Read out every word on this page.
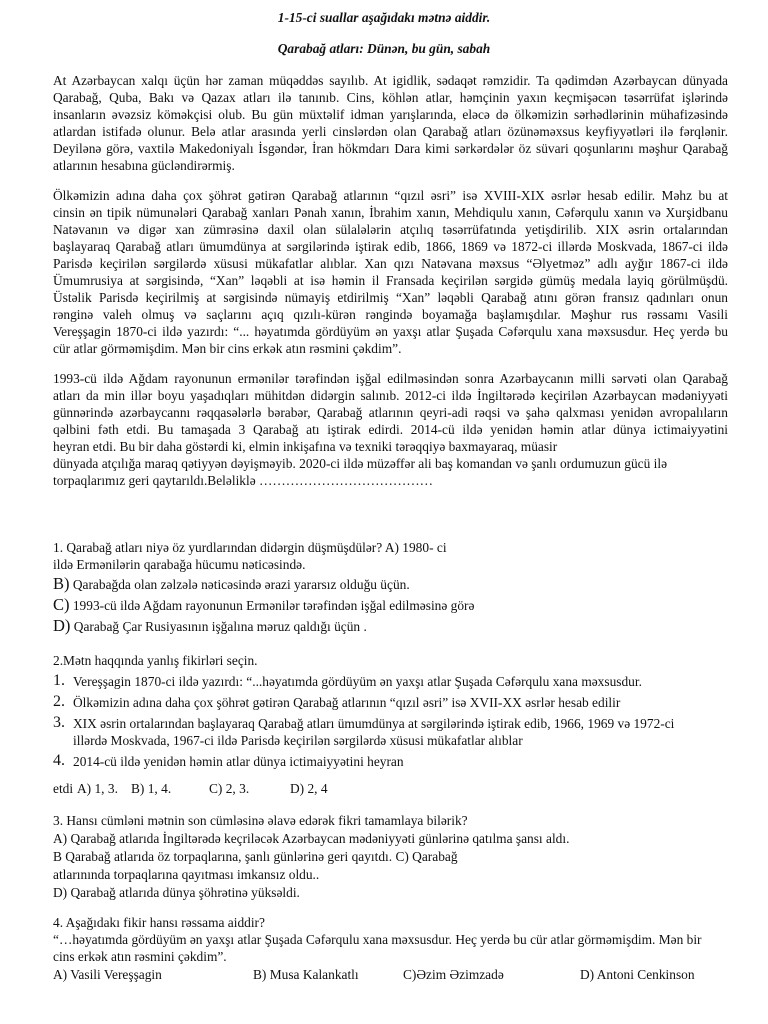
1-15-ci suallar aşağıdakı mətnə aiddir.
Qarabağ atları: Dünən, bu gün, sabah
At Azərbaycan xalqı üçün hər zaman müqəddəs sayılıb. At igidlik, sədaqət rəmzidir. Ta qədimdən Azərbaycan dünyada
Qarabağ, Quba, Bakı və Qazax atları ilə tanınıb. Cins, köhlən atlar, həmçinin yaxın keçmişəcən təsərrüfat işlərində
insanların əvəzsiz köməkçisi olub. Bu gün müxtəlif idman yarışlarında, eləcə də ölkəmizin sərhədlərinin mühafizəsində
atlardan istifadə olunur. Belə atlar arasında yerli cinslərdən olan Qarabağ atları özünəməxsus keyfiyyətləri ilə fərqlənir.
Deyilənə görə, vaxtilə Makedoniyalı İsgəndər, İran hökmdarı Dara kimi sərkərdələr öz süvari qoşunlarını məşhur Qarabağ
atlarının hesabına gücləndirərmiş.
Ölkəmizin adına daha çox şöhrət gətirən Qarabağ atlarının “qızıl əsri” isə XVIII-XIX əsrlər hesab edilir. Məhz bu at
cinsin ən tipik nümunələri Qarabağ xanları Pənah xanın, İbrahim xanın, Mehdiqulu xanın, Cəfərqulu xanın və Xurşidbanu
Natəvanın və digər xan zümrəsinə daxil olan sülalələrin atçılıq təsərrüfatında yetişdirilib. XIX əsrin ortalarından
başlayaraq Qarabağ atları ümumdünya at sərgilərində iştirak edib, 1866, 1869 və 1872-ci illərdə Moskvada, 1867-ci ildə
Parisdə keçirilən sərgilərdə xüsusi mükafatlar alıblar. Xan qızı Natəvana məxsus “Əlyetməz” adlı ayğır 1867-ci ildə
Ümumrusiya at sərgisində, “Xan” ləqəbli at isə həmin il Fransada keçirilən sərgidə gümüş medala layiq görülmüşdü.
Üstəlik Parisdə keçirilmiş at sərgisində nümayiş etdirilmiş “Xan” ləqəbli Qarabağ atını görən fransız qadınları onun
rənginə valeh olmuş və saçlarını açıq qızılı-kürən rəngində boyamağa başlamışdılar. Məşhur rus rəssamı Vasili
Vereşşagin 1870-ci ildə yazırdı: “... həyatımda gördüyüm ən yaxşı atlar Şuşada Cəfərqulu xana məxsusdur. Heç yerdə bu
cür atlar görməmişdim. Mən bir cins erkək atın rəsmini çəkdim”.
1993-cü ildə Ağdam rayonunun ermənilər tərəfindən işğal edilməsindən sonra Azərbaycanın milli sərvəti olan Qarabağ
atları da min illər boyu yaşadıqları mühitdən didərgin salınıb. 2012-ci ildə İngiltərədə keçirilən Azərbaycan mədəniyyəti
günnərində azərbaycannı rəqqasələrlə bərabər, Qarabağ atlarının qeyri-adi rəqsi və şahə qalxması yenidən avropalıların
qəlbini fəth etdi. Bu tamaşada 3 Qarabağ atı iştirak edirdi. 2014-cü ildə yenidən həmin atlar dünya ictimaiyyətini
heyran etdi. Bu bir daha göstərdi ki, elmin inkişafına və texniki tərəqqiyə baxmayaraq, müasir
dünyada atçılığa maraq qətiyyən dəyişməyib. 2020-ci ildə müzəffər ali baş komandan və şanlı ordumuzun gücü ilə
torpaqlarımız geri qaytarıldı.Beləliklə …………………………………
1. Qarabağ atları niyə öz yurdlarından didərgin düşmüşdülər? A) 1980- ci
ildə Ermənilərin qarabağa hücumu nəticəsində.
B) Qarabağda olan zəlzələ nəticəsində ərazi yararsız olduğu üçün.
C) 1993-cü ildə Ağdam rayonunun Ermənilər tərəfindən işğal edilməsinə görə
D) Qarabağ Çar Rusiyasının işğalına məruz qaldığı üçün .
2.Mətn haqqında yanlış fikirləri seçin.
1. Vereşşagin 1870-ci ildə yazırdı: “...həyatımda gördüyüm ən yaxşı atlar Şuşada Cəfərqulu xana məxsusdur.
2. Ölkəmizin adına daha çox şöhrət gətirən Qarabağ atlarının “qızıl əsri” isə XVII-XX əsrlər hesab edilir
3. XIX əsrin ortalarından başlayaraq Qarabağ atları ümumdünya at sərgilərində iştirak edib, 1966, 1969 və 1972-ci
illərdə Moskvada, 1967-ci ildə Parisdə keçirilən sərgilərdə xüsusi mükafatlar alıblar
4. 2014-cü ildə yenidən həmin atlar dünya ictimaiyyətini heyran
etdi A) 1, 3. B) 1, 4.	C) 2, 3.	D) 2, 4
3. Hansı cümləni mətnin son cümləsinə əlavə edərək fikri tamamlaya bilərik?
A) Qarabağ atlarıda İngiltərədə keçriləcək Azərbaycan mədəniyyəti günlərinə qatılma şansı aldı.
B Qarabağ atlarıda öz torpaqlarına, şanlı günlərinə geri qayıtdı. C) Qarabağ
atlarınında torpaqlarına qayıtması imkansız oldu..
D) Qarabağ atlarıda dünya şöhrətinə yüksəldi.
4. Aşağıdakı fikir hansı rəssama aiddir?
“…həyatımda gördüyüm ən yaxşı atlar Şuşada Cəfərqulu xana məxsusdur. Heç yerdə bu cür atlar görməmişdim. Mən bir
cins erkək atın rəsmini çəkdim”.
A) Vasili Vereşşagin	B) Musa Kalankatlı	C)Əzim Əzimzadə	D) Antoni Cenkinson
